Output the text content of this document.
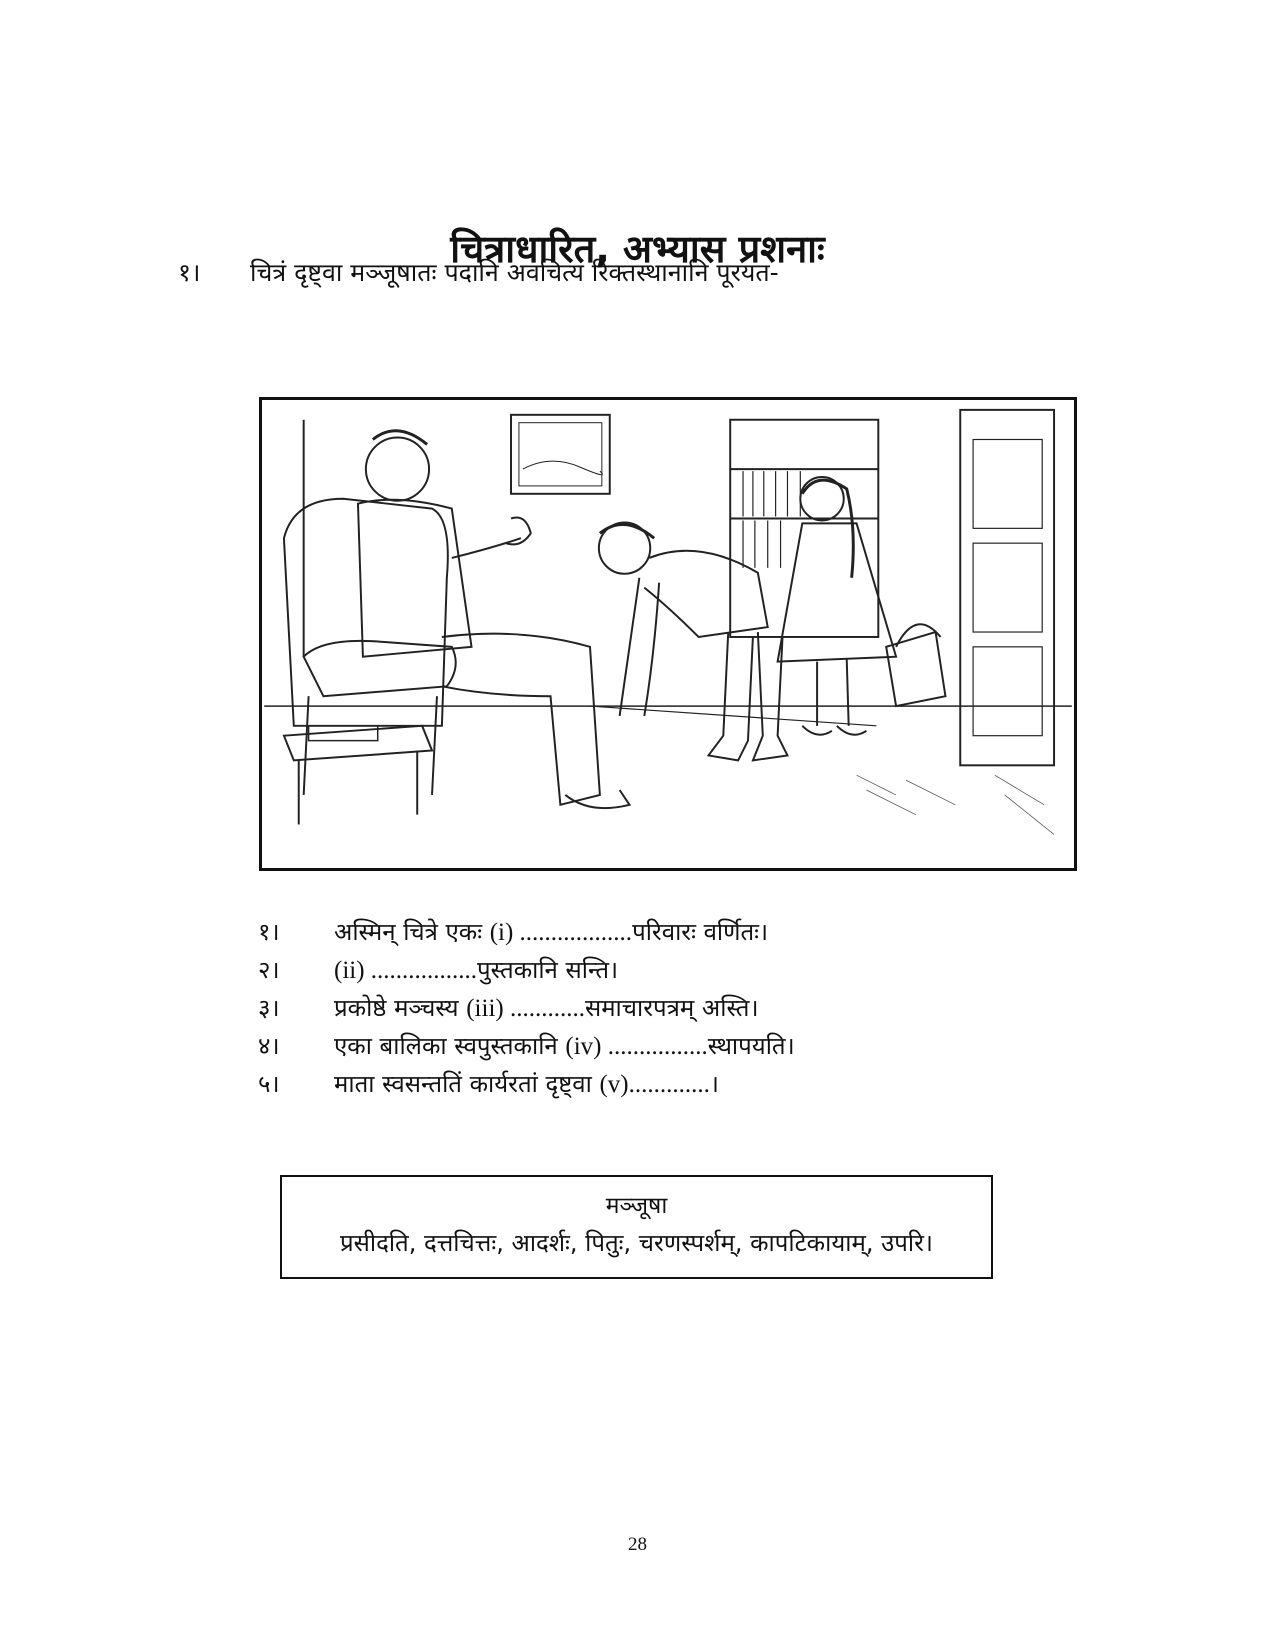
चित्राधारित, अभ्यास प्रशनाः
१। चित्रं दृष्ट्वा मञ्जूषातः पदानि अवचित्य रिक्तस्थानानि पूरयत-
१। अस्मिन् चित्रे एकः (i) ..................परिवारः वर्णितः।
२। (ii) .................पुस्तकानि सन्ति।
३। प्रकोष्ठे मञ्चस्य (iii) ............समाचारपत्रम् अस्ति।
४। एका बालिका स्वपुस्तकानि (iv) ................स्थापयति।
५। माता स्वसन्ततिं कार्यरतां दृष्ट्वा (v).............।
मञ्जूषा
प्रसीदति, दत्तचित्तः, आदर्शः, पितुः, चरणस्पर्शम्, कापटिकायाम्, उपरि।
28
